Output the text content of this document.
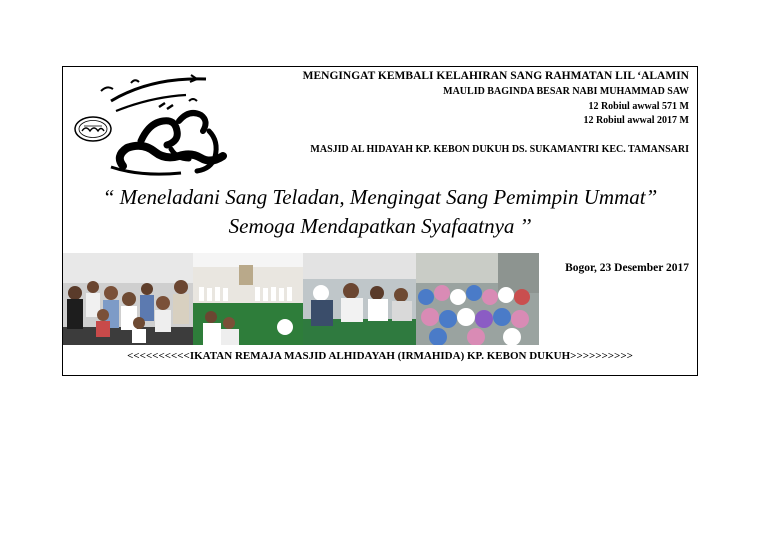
MENGINGAT KEMBALI KELAHIRAN SANG RAHMATAN LIL ‘ALAMIN
MAULID BAGINDA BESAR NABI MUHAMMAD SAW
12 Robiul awwal 571 M
12 Robiul awwal 2017 M
MASJID AL HIDAYAH KP. KEBON DUKUH DS. SUKAMANTRI KEC. TAMANSARI
“ Meneladani Sang Teladan, Mengingat Sang Pemimpin Ummat”
Semoga Mendapatkan Syafaatnya ’’
Bogor, 23 Desember 2017
<<<<<<<<<<IKATAN REMAJA MASJID ALHIDAYAH (IRMAHIDA) KP. KEBON DUKUH>>>>>>>>>>
